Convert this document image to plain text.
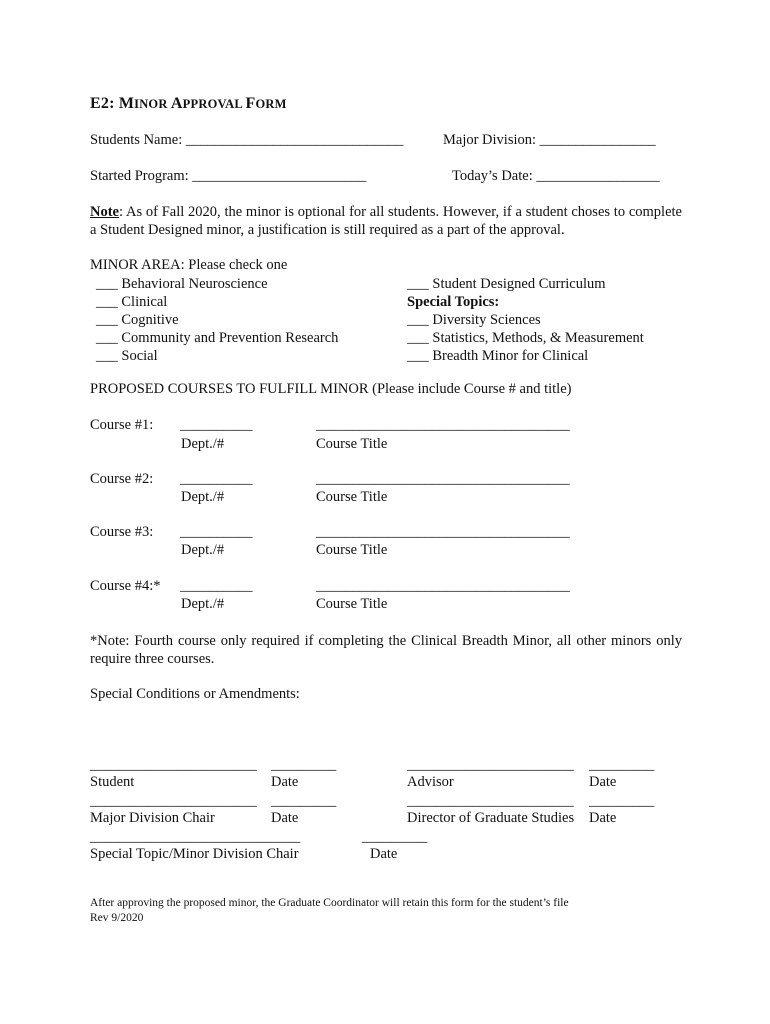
E2: MINOR APPROVAL FORM
Students Name: ______________________________	Major Division: ________________
Started Program: ________________________	Today’s Date: _________________
Note: As of Fall 2020, the minor is optional for all students. However, if a student choses to complete a Student Designed minor, a justification is still required as a part of the approval.
MINOR AREA: Please check one
___ Behavioral Neuroscience
___ Clinical
___ Cognitive
___ Community and Prevention Research
___ Social
___ Student Designed Curriculum
Special Topics:
___ Diversity Sciences
___ Statistics, Methods, & Measurement
___ Breadth Minor for Clinical
PROPOSED COURSES TO FULFILL MINOR (Please include Course # and title)
Course #1: __________	___________________________________
Dept./#	Course Title
Course #2: __________	___________________________________
Dept./#	Course Title
Course #3: __________	___________________________________
Dept./#	Course Title
Course #4:* __________	___________________________________
Dept./#	Course Title
*Note: Fourth course only required if completing the Clinical Breadth Minor, all other minors only require three courses.
Special Conditions or Amendments:
_______________________ _________	_______________________ _________
Student	Date	Advisor	Date
_______________________ _________	_______________________ _________
Major Division Chair	Date	Director of Graduate Studies Date
_____________________________	_________
Special Topic/Minor Division Chair	Date
After approving the proposed minor, the Graduate Coordinator will retain this form for the student’s file
Rev 9/2020
